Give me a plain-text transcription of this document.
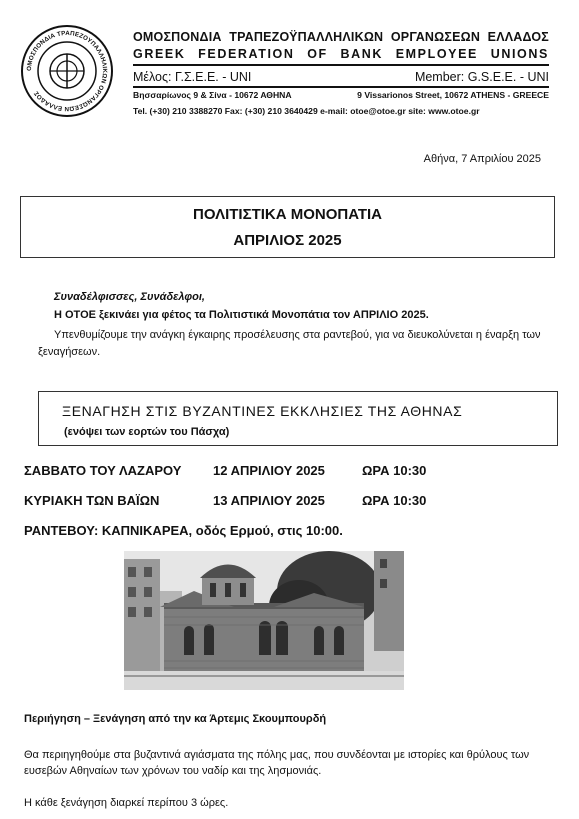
ΟΜΟΣΠΟΝΔΙΑ ΤΡΑΠΕΖΟΥΠΑΛΛΗΛΙΚΩΝ ΟΡΓΑΝΩΣΕΩΝ ΕΛΛΑΔΟΣ
ΟΜΟΣΠΟΝΔΙΑ ΤΡΑΠΕΖΟΫΠΑΛΛΗΛΙΚΩΝ ΟΡΓΑΝΩΣΕΩΝ ΕΛΛΑΔΟΣ
GREEK FEDERATION OF BANK EMPLOYEE UNIONS
Μέλος: Γ.Σ.Ε.Ε. - UNI	Member: G.S.E.E. - UNI
Βησσαρίωνος 9 & Σίνα - 10672 ΑΘΗΝΑ	9 Vissarionos Street, 10672 ATHENS - GREECE
Tel. (+30) 210 3388270 Fax: (+30) 210 3640429 e-mail: otoe@otoe.gr site: www.otoe.gr
Αθήνα, 7 Απριλίου 2025
ΠΟΛΙΤΙΣΤΙΚΑ ΜΟΝΟΠΑΤΙΑ
ΑΠΡΙΛΙΟΣ 2025
Συναδέλφισσες, Συνάδελφοι,
Η ΟΤΟΕ ξεκινάει για φέτος τα Πολιτιστικά Μονοπάτια τον ΑΠΡΙΛΙΟ 2025.
Υπενθυμίζουμε την ανάγκη έγκαιρης προσέλευσης στα ραντεβού, για να διευκολύνεται η έναρξη των ξεναγήσεων.
ΞΕΝΑΓΗΣΗ ΣΤΙΣ ΒΥΖΑΝΤΙΝΕΣ ΕΚΚΛΗΣΙΕΣ ΤΗΣ ΑΘΗΝΑΣ
(ενόψει των εορτών του Πάσχα)
ΣΑΒΒΑΤΟ ΤΟΥ ΛΑΖΑΡΟΥ 12 ΑΠΡΙΛΙΟΥ 2025	ΩΡΑ 10:30
ΚΥΡΙΑΚΗ ΤΩΝ ΒΑΪΩΝ	13 ΑΠΡΙΛΙΟΥ 2025	ΩΡΑ 10:30
ΡΑΝΤΕΒΟΥ: ΚΑΠΝΙΚΑΡΕΑ, οδός Ερμού, στις 10:00.
Περιήγηση – Ξενάγηση από την κα Άρτεμις Σκουμπουρδή
Θα περιηγηθούμε στα βυζαντινά αγιάσματα της πόλης μας, που συνδέονται με ιστορίες και θρύλους των ευσεβών Αθηναίων των χρόνων του ναδίρ και της λησμονιάς.
Η κάθε ξενάγηση διαρκεί περίπου 3 ώρες.
